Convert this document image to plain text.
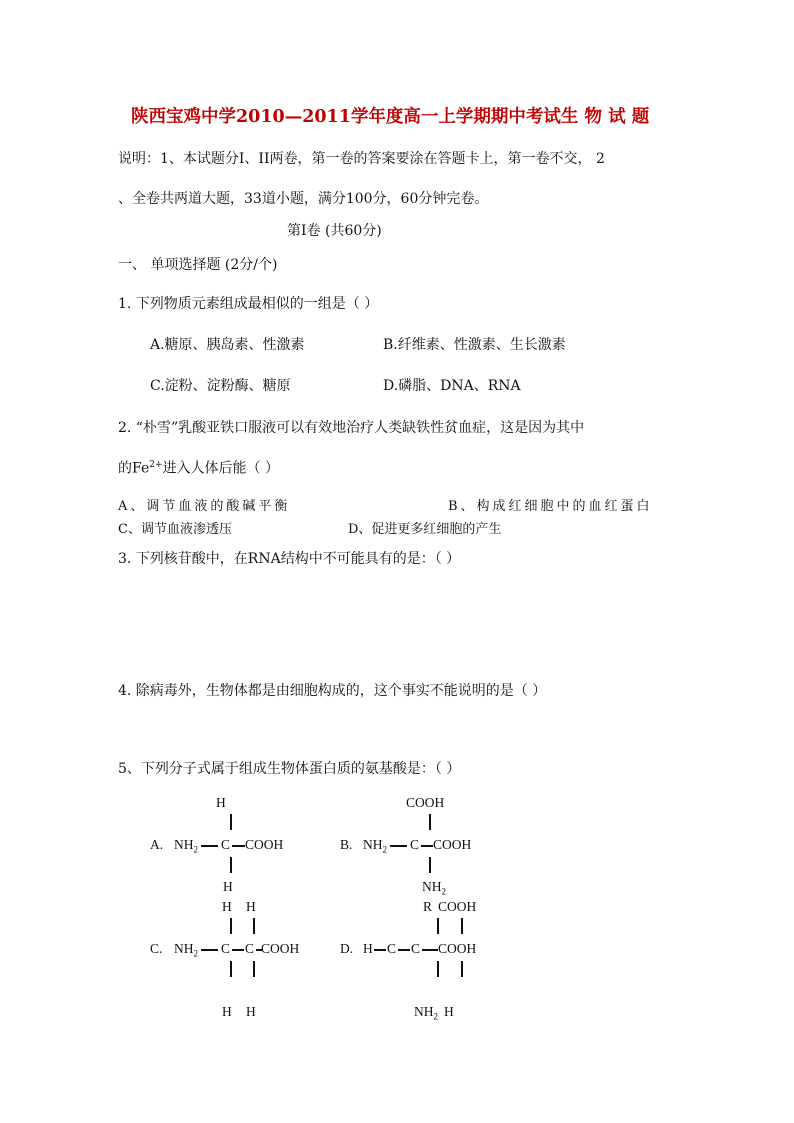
陕西宝鸡中学2010—2011学年度高一上学期期中考试生 物 试 题
说明：1、本试题分I、II两卷，第一卷的答案要涂在答题卡上，第一卷不交， 2
、全卷共两道大题，33道小题，满分100分，60分钟完卷。
第I卷 (共60分)
一、 单项选择题 (2分/个)
1. 下列物质元素组成最相似的一组是（ ）
A.糖原、胰岛素、性激素	B.纤维素、性激素、生长激素
C.淀粉、淀粉酶、糖原	D.磷脂、DNA、RNA
2. “朴雪”乳酸亚铁口服液可以有效地治疗人类缺铁性贫血症，这是因为其中
的$Fe^{2+}$进入人体后能（ ）
A、调节血液的酸碱平衡	B、构成红细胞中的血红蛋白
C、调节血液渗透压	D、促进更多红细胞的产生
3. 下列核苷酸中，在RNA结构中不可能具有的是：（ ）
4. 除病毒外，生物体都是由细胞构成的，这个事实不能说明的是（ ）
5、下列分子式属于组成生物体蛋白质的氨基酸是：（ ）
A.
H
$NH_2$ C COOH
H
B.
COOH
$NH_2$ C COOH
$NH_2$
C.
H H
$NH_2$ C C COOH
H H
D.
R COOH
H C C COOH
$NH_2$ H
